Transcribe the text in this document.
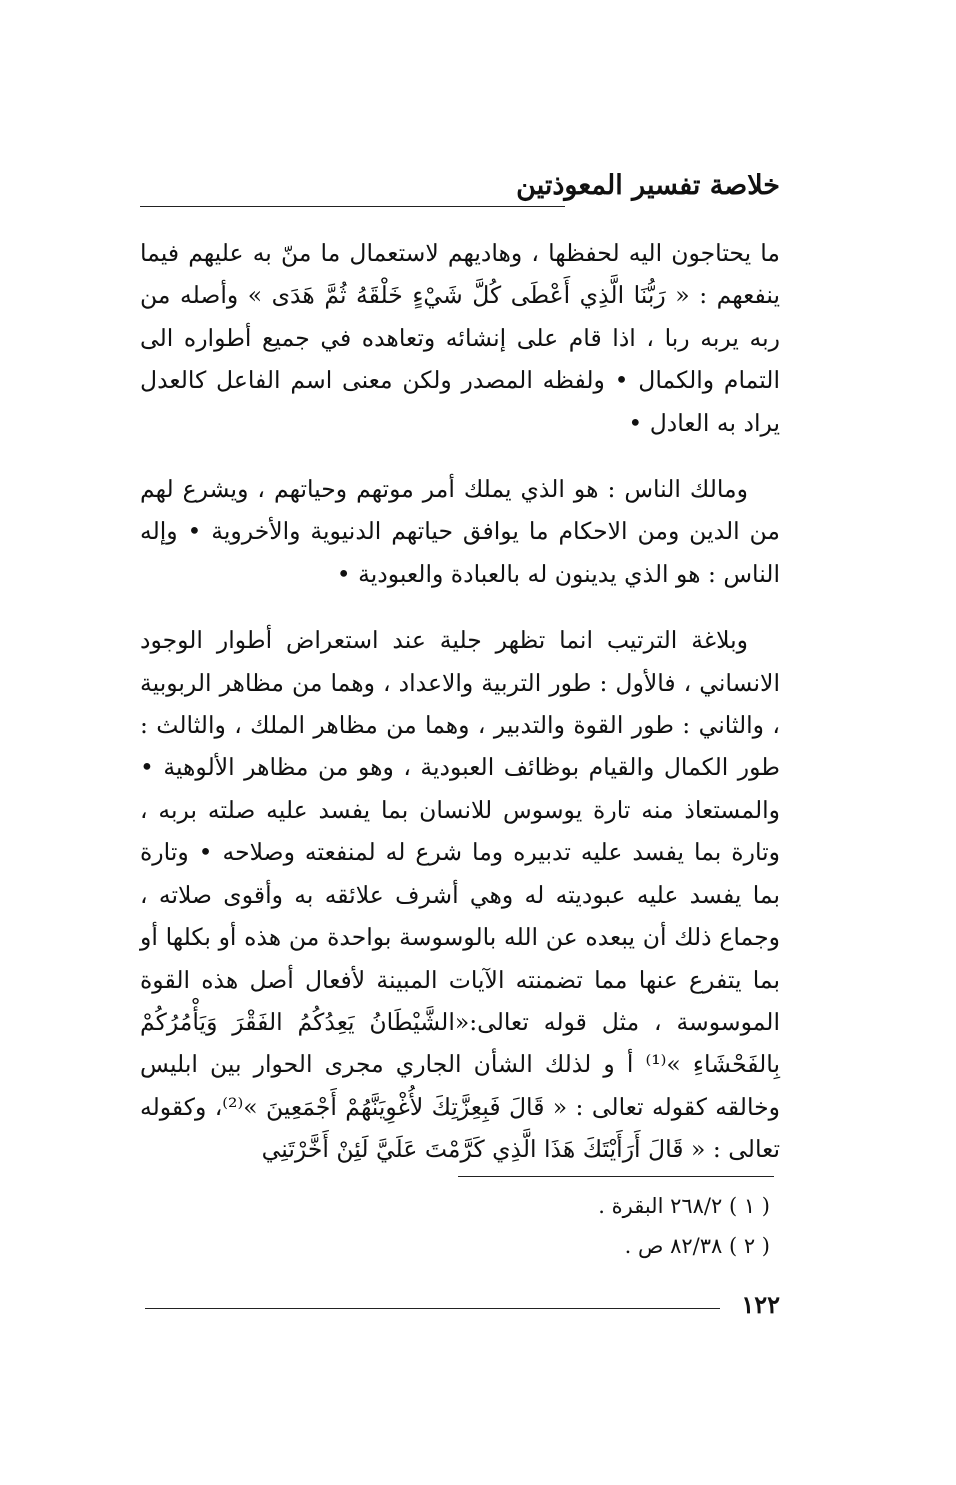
خلاصة تفسير المعوذتين

ما يحتاجون اليه لحفظها ، وهاديهم لاستعمال ما منّ به عليهم فيما ينفعهم : « رَبُّنَا الَّذِي أَعْطَى كُلَّ شَيْءٍ خَلْقَهُ ثُمَّ هَدَى » وأصله من ربه يربه ربا ، اذا قام على إنشائه وتعاهده في جميع أطواره الى التمام والكمال • ولفظه المصدر ولكن معنى اسم الفاعل كالعدل يراد به العادل •

ومالك الناس : هو الذي يملك أمر موتهم وحياتهم ، ويشرع لهم من الدين ومن الاحكام ما يوافق حياتهم الدنيوية والأخروية • وإله الناس : هو الذي يدينون له بالعبادة والعبودية •

وبلاغة الترتيب انما تظهر جلية عند استعراض أطوار الوجود الانساني ، فالأول : طور التربية والاعداد ، وهما من مظاهر الربوبية ، والثاني : طور القوة والتدبير ، وهما من مظاهر الملك ، والثالث : طور الكمال والقيام بوظائف العبودية ، وهو من مظاهر الألوهية • والمستعاذ منه تارة يوسوس للانسان بما يفسد عليه صلته بربه ، وتارة بما يفسد عليه تدبيره وما شرع له لمنفعته وصلاحه • وتارة بما يفسد عليه عبوديته له وهي أشرف علائقه به وأقوى صلاته ، وجماع ذلك أن يبعده عن الله بالوسوسة بواحدة من هذه أو بكلها أو بما يتفرع عنها مما تضمنته الآيات المبينة لأفعال أصل هذه القوة الموسوسة ، مثل قوله تعالى:«الشَّيْطَانُ يَعِدُكُمُ الفَقْرَ وَيَأْمُرُكُمْ بِالفَحْشَاءِ »⁽¹⁾ أ و لذلك الشأن الجاري مجرى الحوار بين ابليس وخالقه كقوله تعالى : « قَالَ فَبِعِزَّتِكَ لأُغْوِيَنَّهُمْ أَجْمَعِينَ »⁽²⁾، وكقوله تعالى : « قَالَ أَرَأَيْتَكَ هَذَا الَّذِي كَرَّمْتَ عَلَيَّ لَئِنْ أَخَّرْتَنِي

( ١ ) ٢٦٨/٢ البقرة .

( ٢ ) ٨٢/٣٨ ص .

١٢٢
